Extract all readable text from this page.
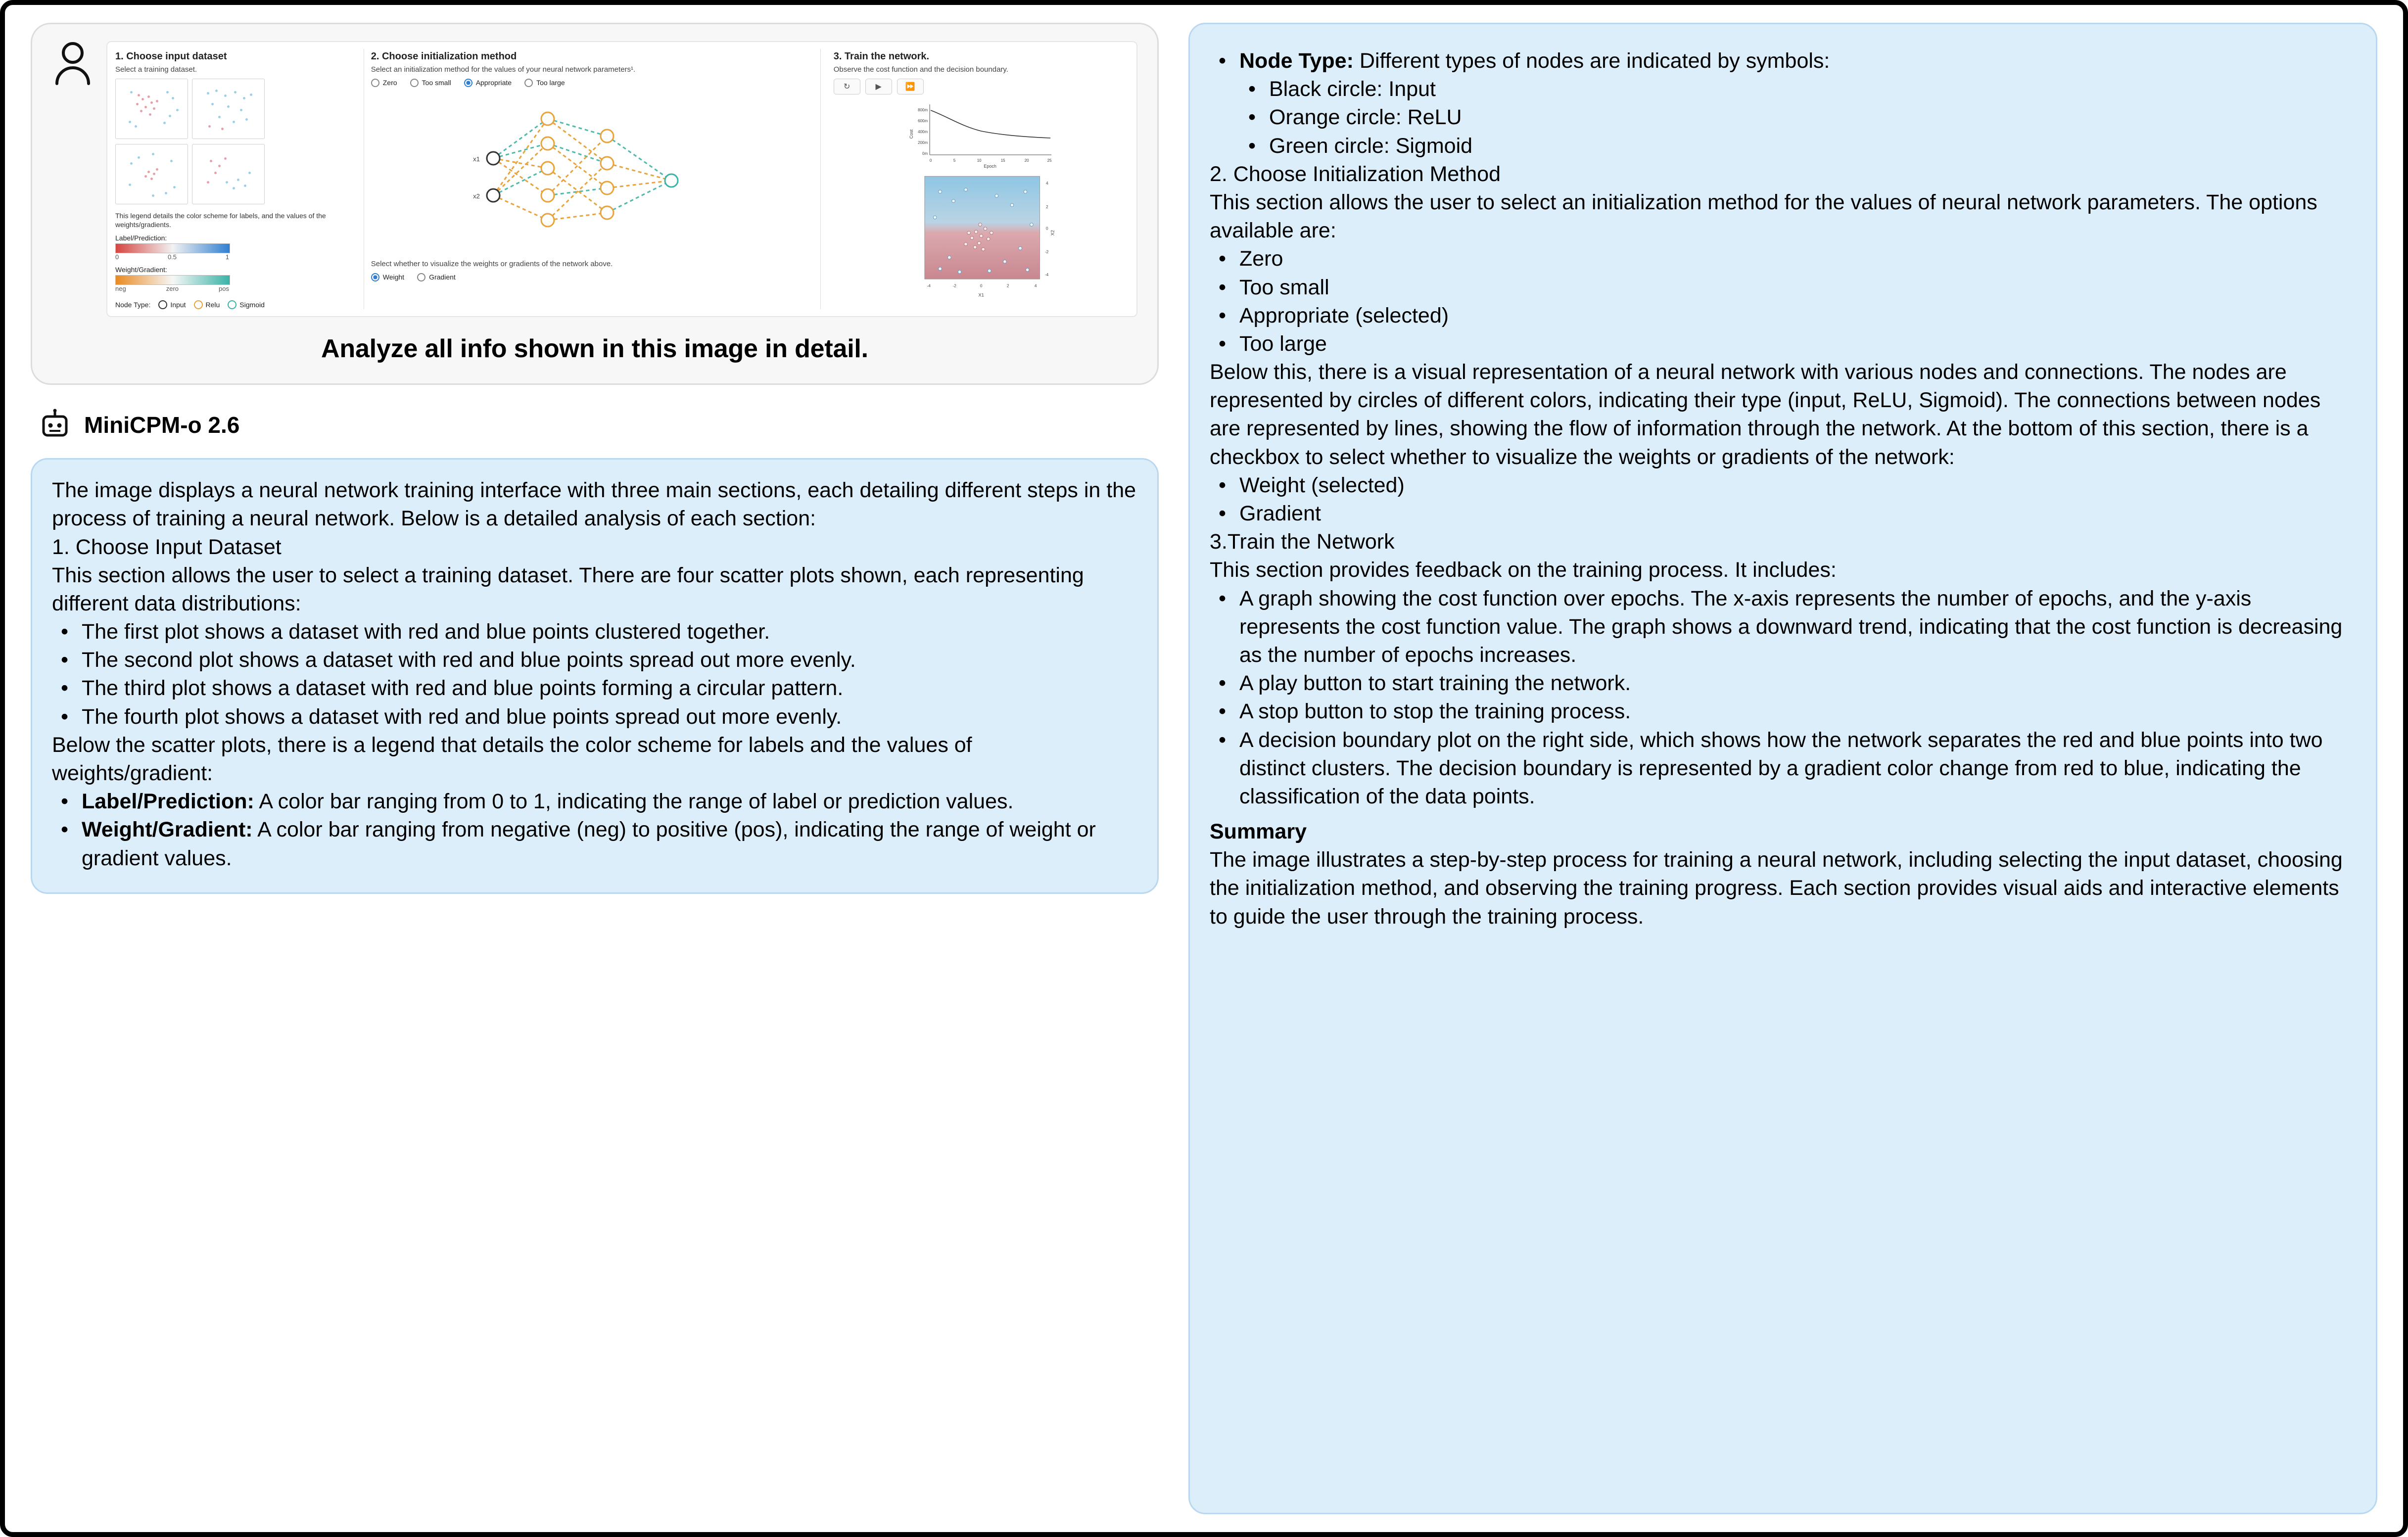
1. Choose input dataset
Select a training dataset.
This legend details the color scheme for labels, and the values of the weights/gradients.
Label/Prediction:
0	0.5	1
Weight/Gradient:
neg	zero	pos
Node Type:	Input	Relu	Sigmoid
2. Choose initialization method
Select an initialization method for the values of your neural network parameters¹.
Zero	Too small	Appropriate	Too large
x1
x2
Select whether to visualize the weights or gradients of the network above.
Weight	Gradient
3. Train the network.
Observe the cost function and the decision boundary.
↻	▶	⏩
Cost
800m
600m
400m
200m
0m
0	5	10	15	20	25
Epoch

4
2
0
-2
-4
X2
-4	-2	0	2	4
X1
Analyze all info shown in this image in detail.
MiniCPM-o 2.6

The image displays a neural network training interface with three main sections, each detailing different steps in the process of training a neural network. Below is a detailed analysis of each section:

1. Choose Input Dataset

This section allows the user to select a training dataset. There are four scatter plots shown, each representing different data distributions:

• The first plot shows a dataset with red and blue points clustered together.
• The second plot shows a dataset with red and blue points spread out more evenly.
• The third plot shows a dataset with red and blue points forming a circular pattern.
• The fourth plot shows a dataset with red and blue points spread out more evenly.

Below the scatter plots, there is a legend that details the color scheme for labels and the values of weights/gradient:

• Label/Prediction: A color bar ranging from 0 to 1, indicating the range of label or prediction values.
• Weight/Gradient: A color bar ranging from negative (neg) to positive (pos), indicating the range of weight or gradient values.
• Node Type: Different types of nodes are indicated by symbols:
• Black circle: Input
• Orange circle: ReLU
• Green circle: Sigmoid

2. Choose Initialization Method

This section allows the user to select an initialization method for the values of neural network parameters. The options available are:

• Zero
• Too small
• Appropriate (selected)
• Too large

Below this, there is a visual representation of a neural network with various nodes and connections. The nodes are represented by circles of different colors, indicating their type (input, ReLU, Sigmoid). The connections between nodes are represented by lines, showing the flow of information through the network. At the bottom of this section, there is a checkbox to select whether to visualize the weights or gradients of the network:

• Weight (selected)
• Gradient

3.Train the Network

This section provides feedback on the training process. It includes:

• A graph showing the cost function over epochs. The x-axis represents the number of epochs, and the y-axis represents the cost function value. The graph shows a downward trend, indicating that the cost function is decreasing as the number of epochs increases.
• A play button to start training the network.
• A stop button to stop the training process.
• A decision boundary plot on the right side, which shows how the network separates the red and blue points into two distinct clusters. The decision boundary is represented by a gradient color change from red to blue, indicating the classification of the data points.

Summary

The image illustrates a step-by-step process for training a neural network, including selecting the input dataset, choosing the initialization method, and observing the training progress. Each section provides visual aids and interactive elements to guide the user through the training process.
